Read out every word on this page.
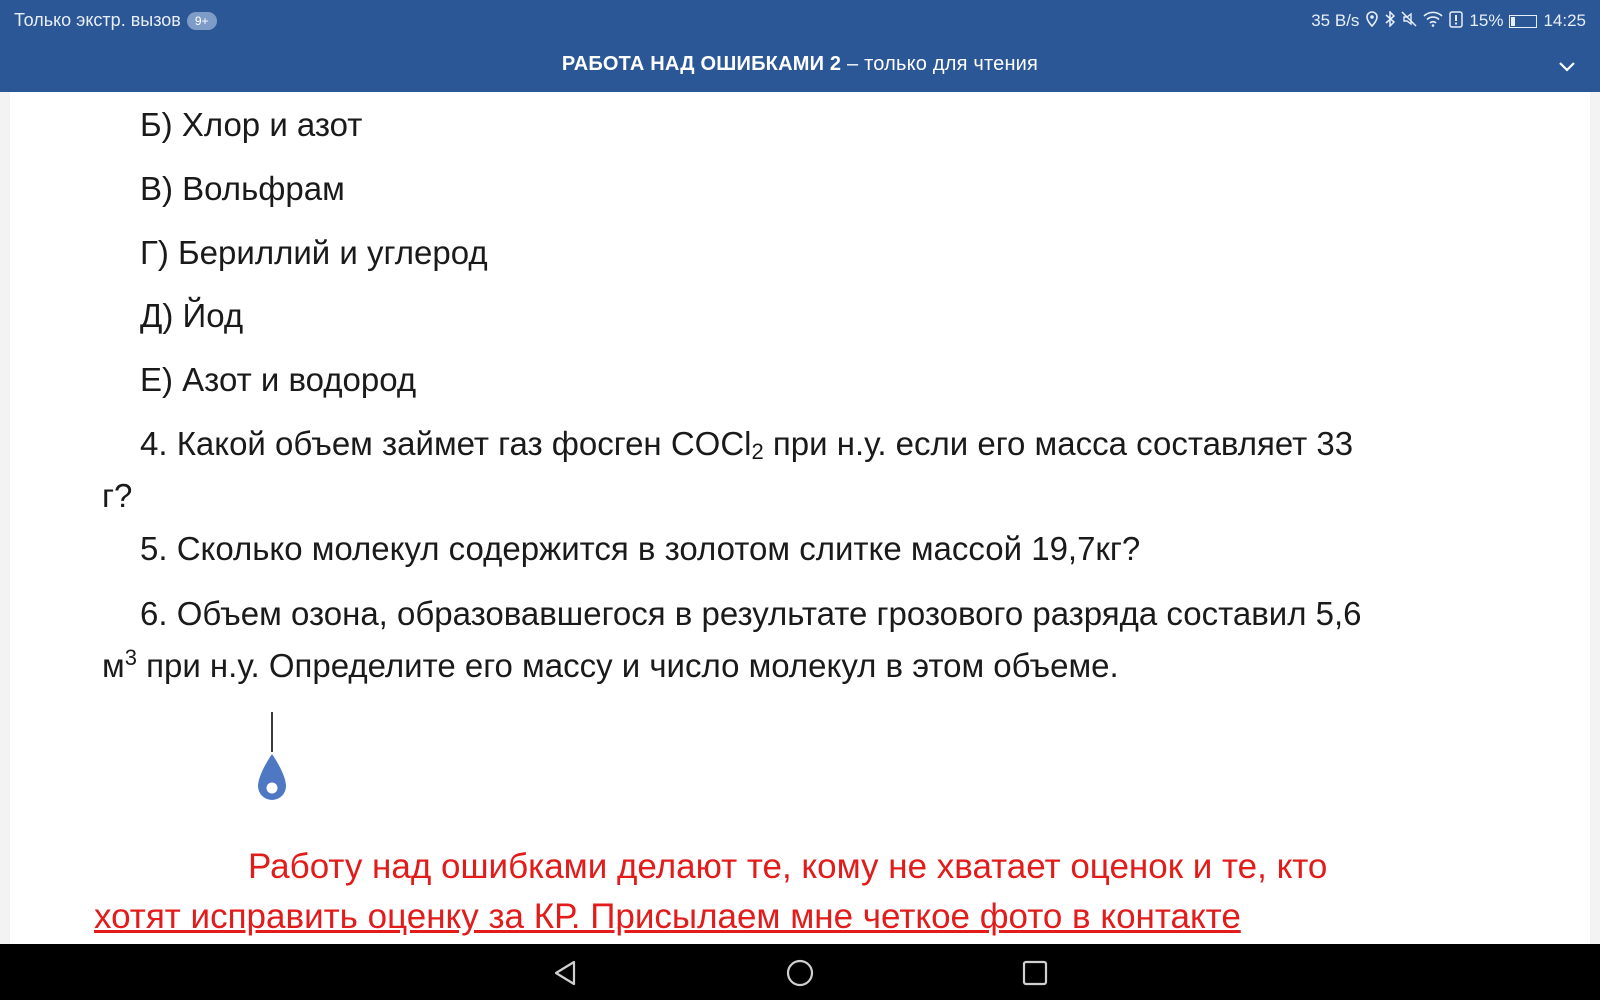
Только экстр. вызов	9+	35 B/s	15% 14:25
РАБОТА НАД ОШИБКАМИ 2 – только для чтения
Б) Хлор и азот
В) Вольфрам
Г) Бериллий и углерод
Д) Йод
Е) Азот и водород
4. Какой объем займет газ фосген COCl$_2$ при н.у. если его масса составляет 33
г?
5. Сколько молекул содержится в золотом слитке массой 19,7кг?
6. Объем озона, образовавшегося в результате грозового разряда составил 5,6
$м^3$ при н.у. Определите его массу и число молекул в этом объеме.
Работу над ошибками делают те, кому не хватает оценок и те, кто
хотят исправить оценку за КР. Присылаем мне четкое фото в контакте
